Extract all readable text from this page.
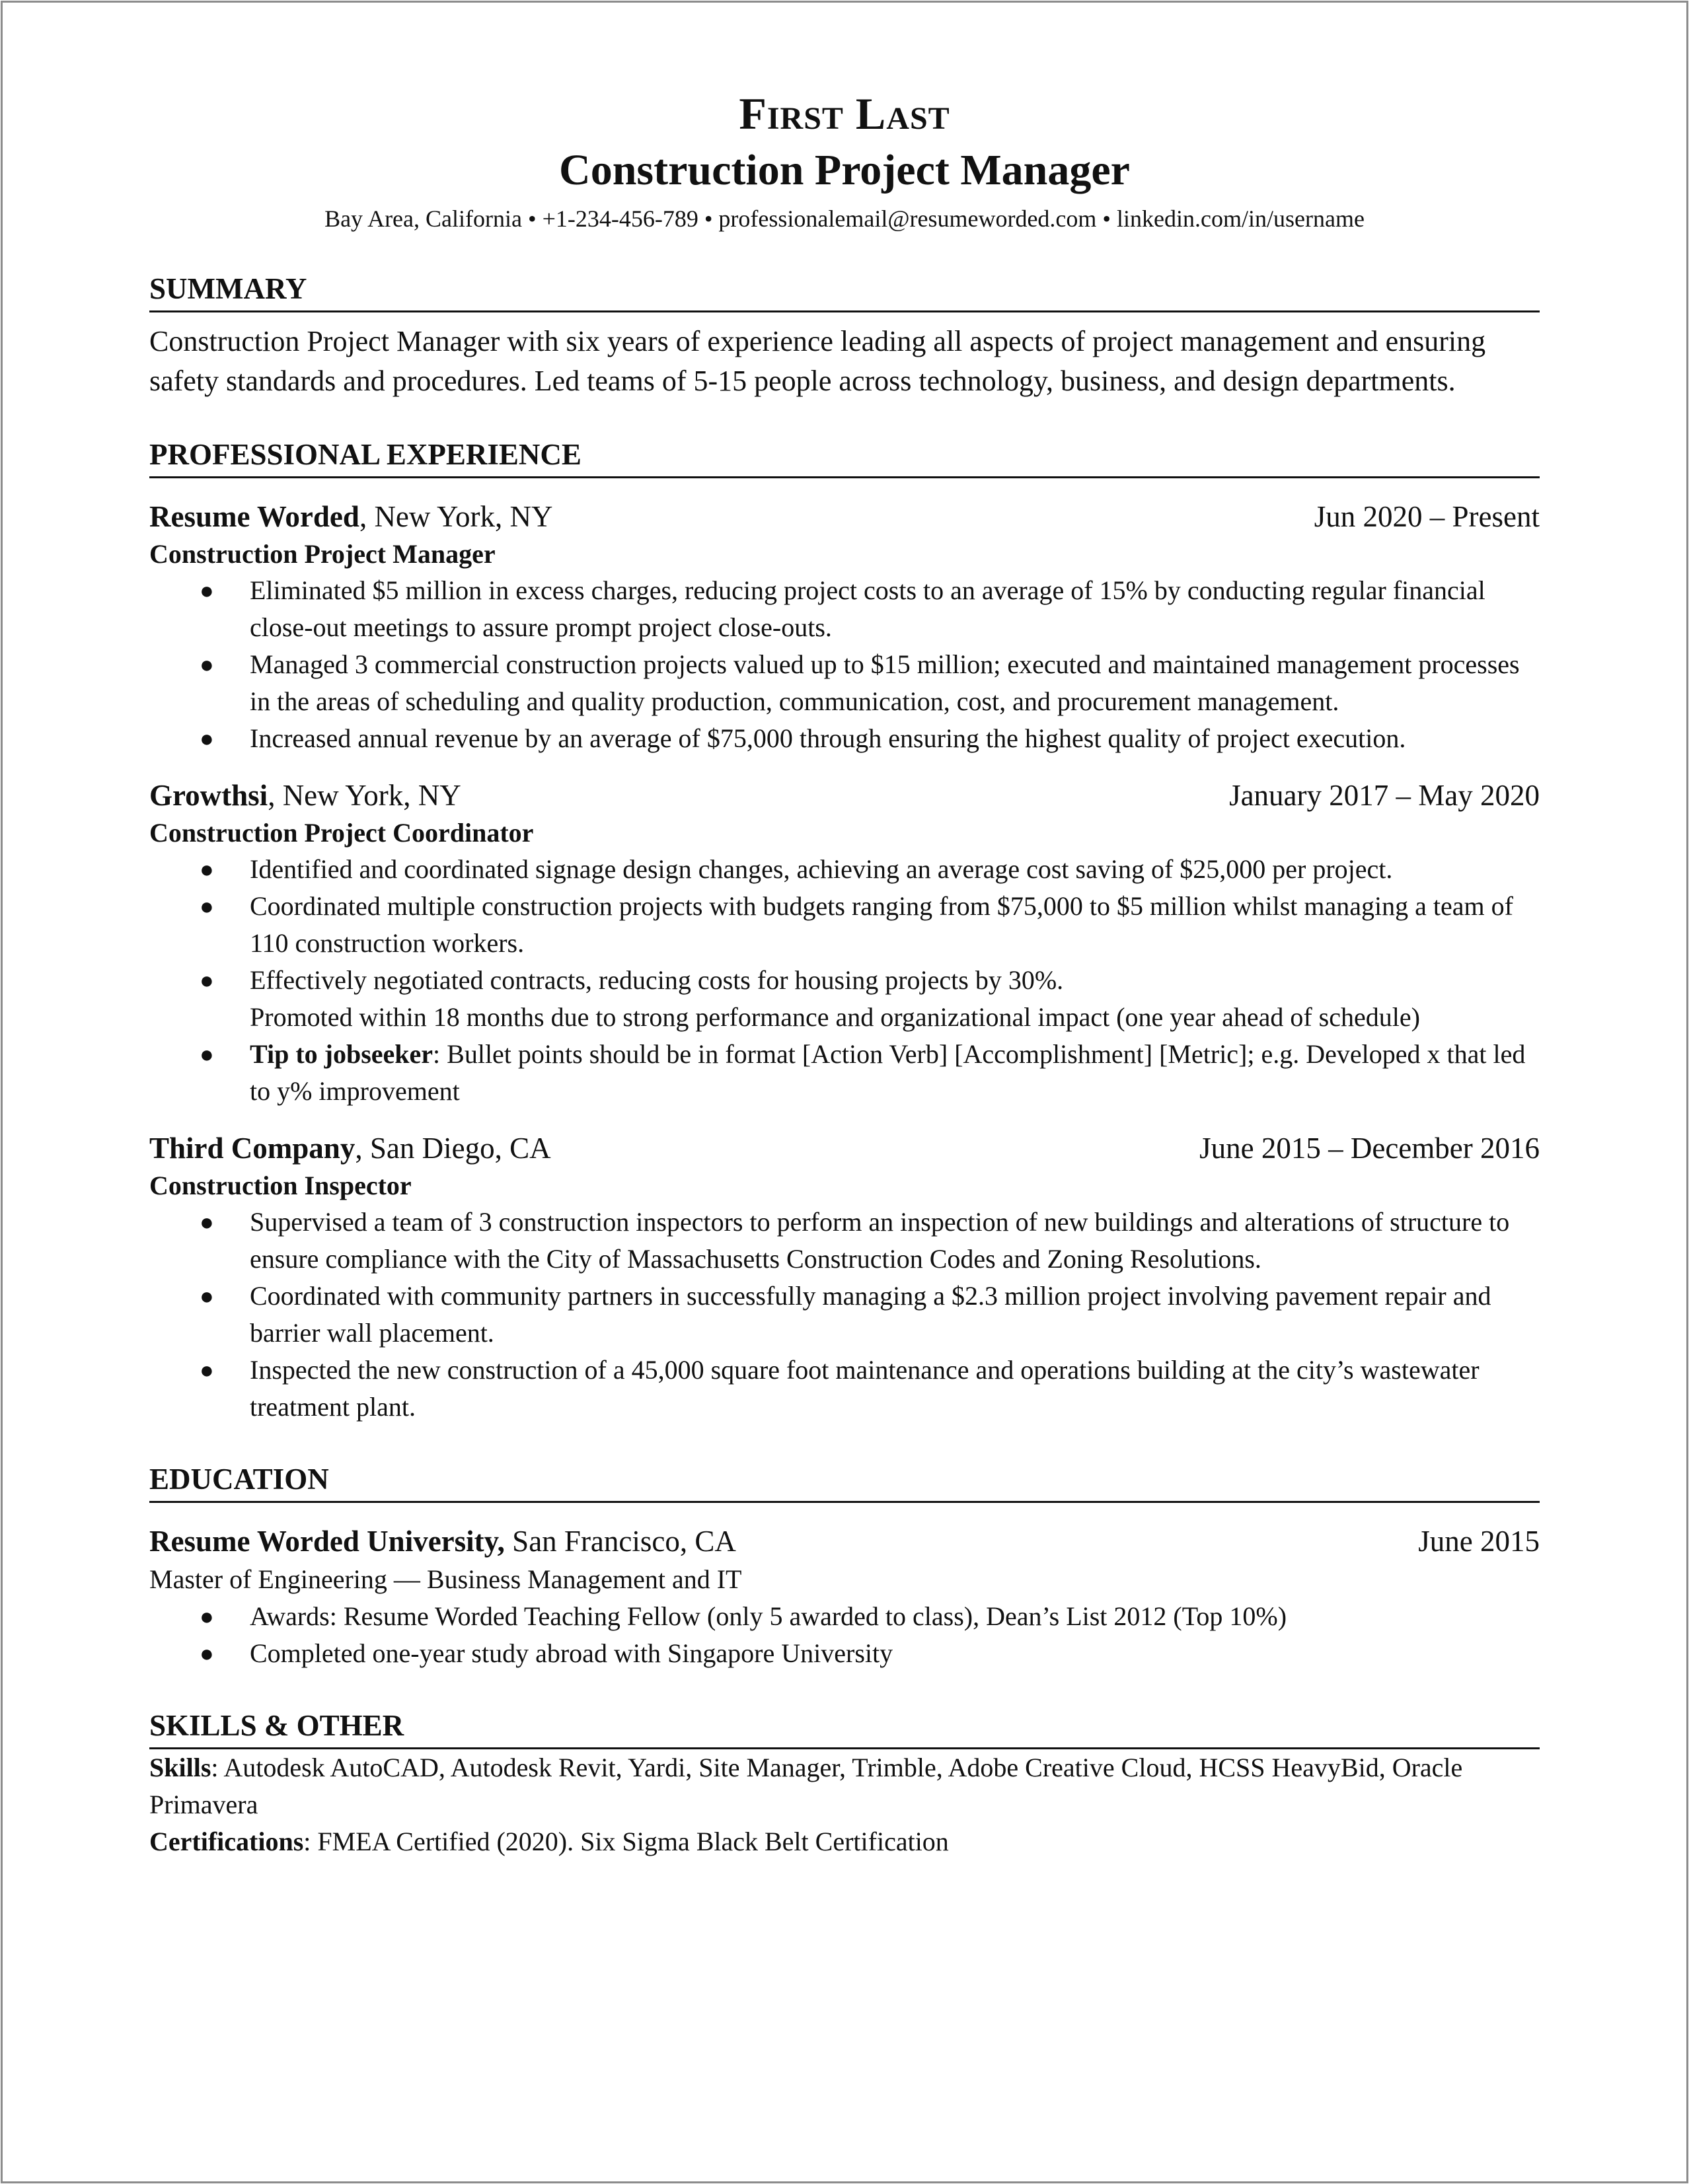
First Last
Construction Project Manager
Bay Area, California • +1-234-456-789 • professionalemail@resumeworded.com • linkedin.com/in/username
SUMMARY
Construction Project Manager with six years of experience leading all aspects of project management and ensuring safety standards and procedures. Led teams of 5-15 people across technology, business, and design departments.
PROFESSIONAL EXPERIENCE
Resume Worded, New York, NY	Jun 2020 – Present
Construction Project Manager
● Eliminated $5 million in excess charges, reducing project costs to an average of 15% by conducting regular financial close-out meetings to assure prompt project close-outs.
● Managed 3 commercial construction projects valued up to $15 million; executed and maintained management processes in the areas of scheduling and quality production, communication, cost, and procurement management.
● Increased annual revenue by an average of $75,000 through ensuring the highest quality of project execution.
Growthsi, New York, NY	January 2017 – May 2020
Construction Project Coordinator
● Identified and coordinated signage design changes, achieving an average cost saving of $25,000 per project.
● Coordinated multiple construction projects with budgets ranging from $75,000 to $5 million whilst managing a team of 110 construction workers.
● Effectively negotiated contracts, reducing costs for housing projects by 30%.
Promoted within 18 months due to strong performance and organizational impact (one year ahead of schedule)
● Tip to jobseeker: Bullet points should be in format [Action Verb] [Accomplishment] [Metric]; e.g. Developed x that led to y% improvement
Third Company, San Diego, CA	June 2015 – December 2016
Construction Inspector
● Supervised a team of 3 construction inspectors to perform an inspection of new buildings and alterations of structure to ensure compliance with the City of Massachusetts Construction Codes and Zoning Resolutions.
● Coordinated with community partners in successfully managing a $2.3 million project involving pavement repair and barrier wall placement.
● Inspected the new construction of a 45,000 square foot maintenance and operations building at the city’s wastewater treatment plant.
EDUCATION
Resume Worded University, San Francisco, CA	June 2015
Master of Engineering — Business Management and IT
● Awards: Resume Worded Teaching Fellow (only 5 awarded to class), Dean’s List 2012 (Top 10%)
● Completed one-year study abroad with Singapore University
SKILLS & OTHER
Skills: Autodesk AutoCAD, Autodesk Revit, Yardi, Site Manager, Trimble, Adobe Creative Cloud, HCSS HeavyBid, Oracle Primavera
Certifications: FMEA Certified (2020). Six Sigma Black Belt Certification
